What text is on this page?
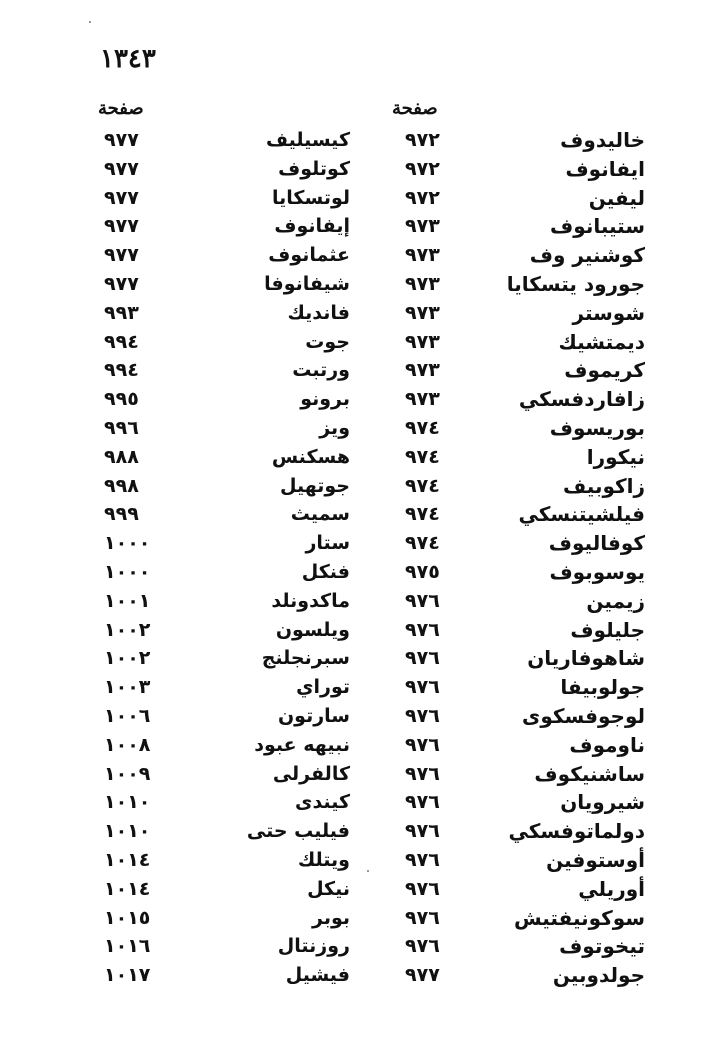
١٣٤٣
صفحة
صفحة
خاليدوف
٩٧٢
كيسيليف
٩٧٧
ايفانوف
٩٧٢
كوتلوف
٩٧٧
ليفين
٩٧٢
لوتسكايا
٩٧٧
ستيبانوف
٩٧٣
إيفانوف
٩٧٧
كوشنير وف
٩٧٣
عثمانوف
٩٧٧
جورود يتسكايا
٩٧٣
شيفانوفا
٩٧٧
شوستر
٩٧٣
فانديك
٩٩٣
ديمتشيك
٩٧٣
جوت
٩٩٤
كريموف
٩٧٣
ورتبت
٩٩٤
زافاردفسكي
٩٧٣
برونو
٩٩٥
بوريسوف
٩٧٤
ويز
٩٩٦
نيكورا
٩٧٤
هسكنس
٩٨٨
زاكوبيف
٩٧٤
جوتهيل
٩٩٨
فيلشيتنسكي
٩٧٤
سميث
٩٩٩
كوفاليوف
٩٧٤
ستار
١٠٠٠
يوسوبوف
٩٧٥
فنكل
١٠٠٠
زيمين
٩٧٦
ماكدونلد
١٠٠١
جليلوف
٩٧٦
ويلسون
١٠٠٢
شاهوفاريان
٩٧٦
سبرنجلنج
١٠٠٢
جولوبيفا
٩٧٦
توراي
١٠٠٣
لوجوفسكوى
٩٧٦
سارتون
١٠٠٦
ناوموف
٩٧٦
نبيهه عبود
١٠٠٨
ساشنيكوف
٩٧٦
كالفرلى
١٠٠٩
شيرويان
٩٧٦
كيندى
١٠١٠
دولماتوفسكي
٩٧٦
فيليب حتى
١٠١٠
أوستوفين
٩٧٦
ويتلك
١٠١٤
أوريلي
٩٧٦
نيكل
١٠١٤
سوكونيفتيش
٩٧٦
بوبر
١٠١٥
تيخوتوف
٩٧٦
روزنتال
١٠١٦
جولدوبين
٩٧٧
فيشيل
١٠١٧
